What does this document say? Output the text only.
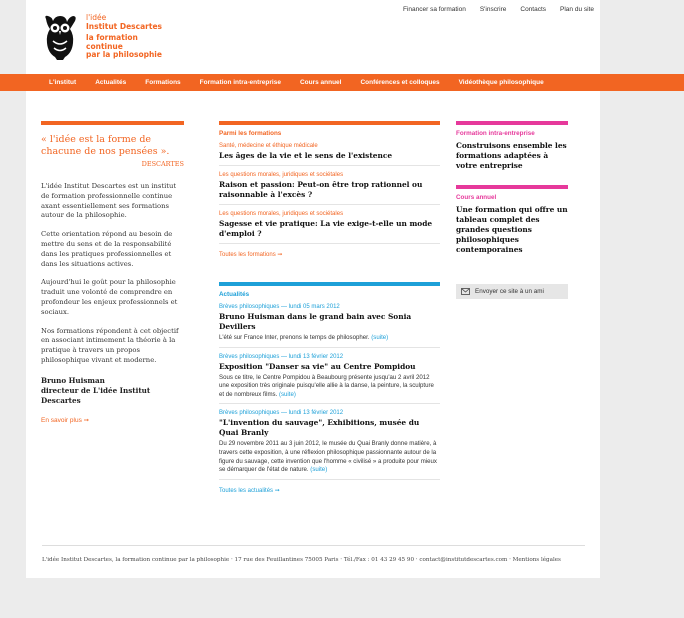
Financer sa formation S'inscrire Contacts Plan du site
l'idée
Institut Descartes
la formation
continue
par la philosophie
L'institut	Actualités	Formations	Formation intra-entreprise	Cours annuel	Conférences et colloques	Vidéothèque philosophique
« l'idée est la forme de chacune de nos pensées ».
DESCARTES

L'idée Institut Descartes est un institut de formation professionnelle continue axant essentiellement ses formations autour de la philosophie.

Cette orientation répond au besoin de mettre du sens et de la responsabilité dans les pratiques professionnelles et dans les situations actives.

Aujourd'hui le goût pour la philosophie traduit une volonté de comprendre en profondeur les enjeux professionnels et sociaux.

Nos formations répondent à cet objectif en associant intimement la théorie à la pratique à travers un propos philosophique vivant et moderne.

Bruno Huisman
directeur de L'idée Institut Descartes
En savoir plus ➞
Parmi les formations
Santé, médecine et éthique médicale
Les âges de la vie et le sens de l'existence
Les questions morales, juridiques et sociétales
Raison et passion: Peut-on être trop rationnel ou raisonnable à l'excès ?
Les questions morales, juridiques et sociétales
Sagesse et vie pratique: La vie exige-t-elle un mode d'emploi ?
Toutes les formations ➞
Actualités
Brèves philosophiques — lundi 05 mars 2012
Bruno Huisman dans le grand bain avec Sonia Devillers
L'été sur France Inter, prenons le temps de philosopher. (suite)
Brèves philosophiques — lundi 13 février 2012
Exposition "Danser sa vie" au Centre Pompidou
Sous ce titre, le Centre Pompidou à Beaubourg présente jusqu'au 2 avril 2012 une exposition très originale puisqu'elle allie à la danse, la peinture, la sculpture et de nombreux films. (suite)
Brèves philosophiques — lundi 13 février 2012
"L'invention du sauvage", Exhibitions, musée du Quai Branly
Du 29 novembre 2011 au 3 juin 2012, le musée du Quai Branly donne matière, à travers cette exposition, à une réflexion philosophique passionnante autour de la figure du sauvage, cette invention que l'homme « civilisé » a produite pour mieux se démarquer de l'état de nature. (suite)
Toutes les actualités ➞
Formation intra-entreprise
Construisons ensemble les formations adaptées à votre entreprise
Cours annuel
Une formation qui offre un tableau complet des grandes questions philosophiques contemporaines
Envoyer ce site à un ami
L'idée Institut Descartes, la formation continue par la philosophie · 17 rue des Feuillantines 75005 Paris · Tél./Fax : 01 43 29 45 90 · contact@institutdescartes.com · Mentions légales
